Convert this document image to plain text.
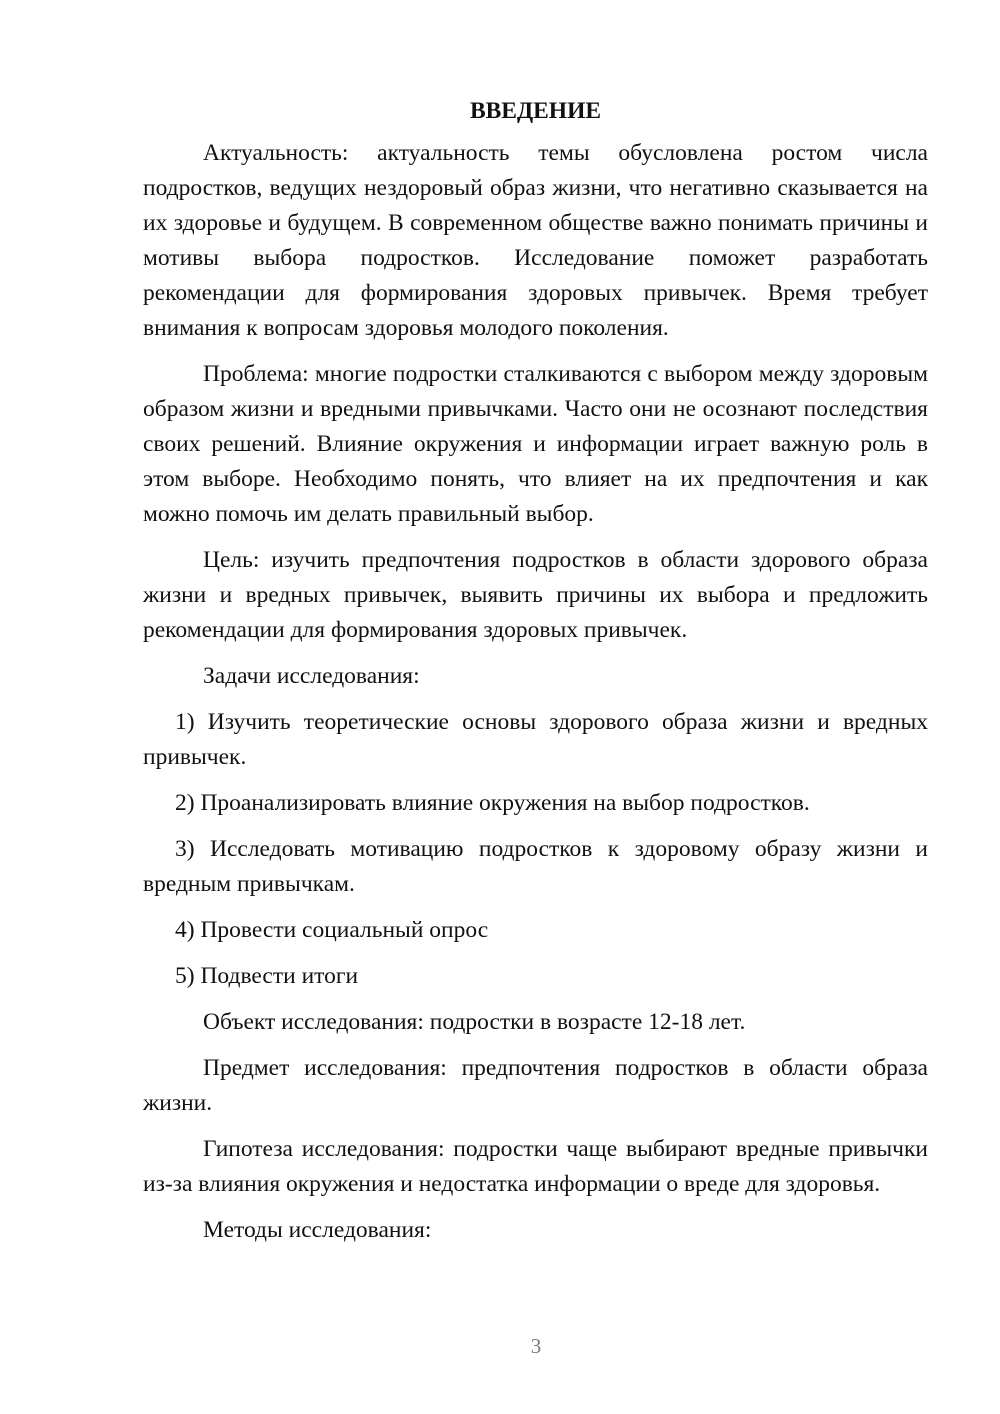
ВВЕДЕНИЕ

Актуальность: актуальность темы обусловлена ростом числа подростков, ведущих нездоровый образ жизни, что негативно сказывается на их здоровье и будущем. В современном обществе важно понимать причины и мотивы выбора подростков. Исследование поможет разработать рекомендации для формирования здоровых привычек. Время требует внимания к вопросам здоровья молодого поколения.

Проблема: многие подростки сталкиваются с выбором между здоровым образом жизни и вредными привычками. Часто они не осознают последствия своих решений. Влияние окружения и информации играет важную роль в этом выборе. Необходимо понять, что влияет на их предпочтения и как можно помочь им делать правильный выбор.

Цель: изучить предпочтения подростков в области здорового образа жизни и вредных привычек, выявить причины их выбора и предложить рекомендации для формирования здоровых привычек.

Задачи исследования:

1) Изучить теоретические основы здорового образа жизни и вредных привычек.

2) Проанализировать влияние окружения на выбор подростков.

3) Исследовать мотивацию подростков к здоровому образу жизни и вредным привычкам.

4) Провести социальный опрос

5) Подвести итоги

Объект исследования: подростки в возрасте 12-18 лет.

Предмет исследования: предпочтения подростков в области образа жизни.

Гипотеза исследования: подростки чаще выбирают вредные привычки из-за влияния окружения и недостатка информации о вреде для здоровья.

Методы исследования:

3
